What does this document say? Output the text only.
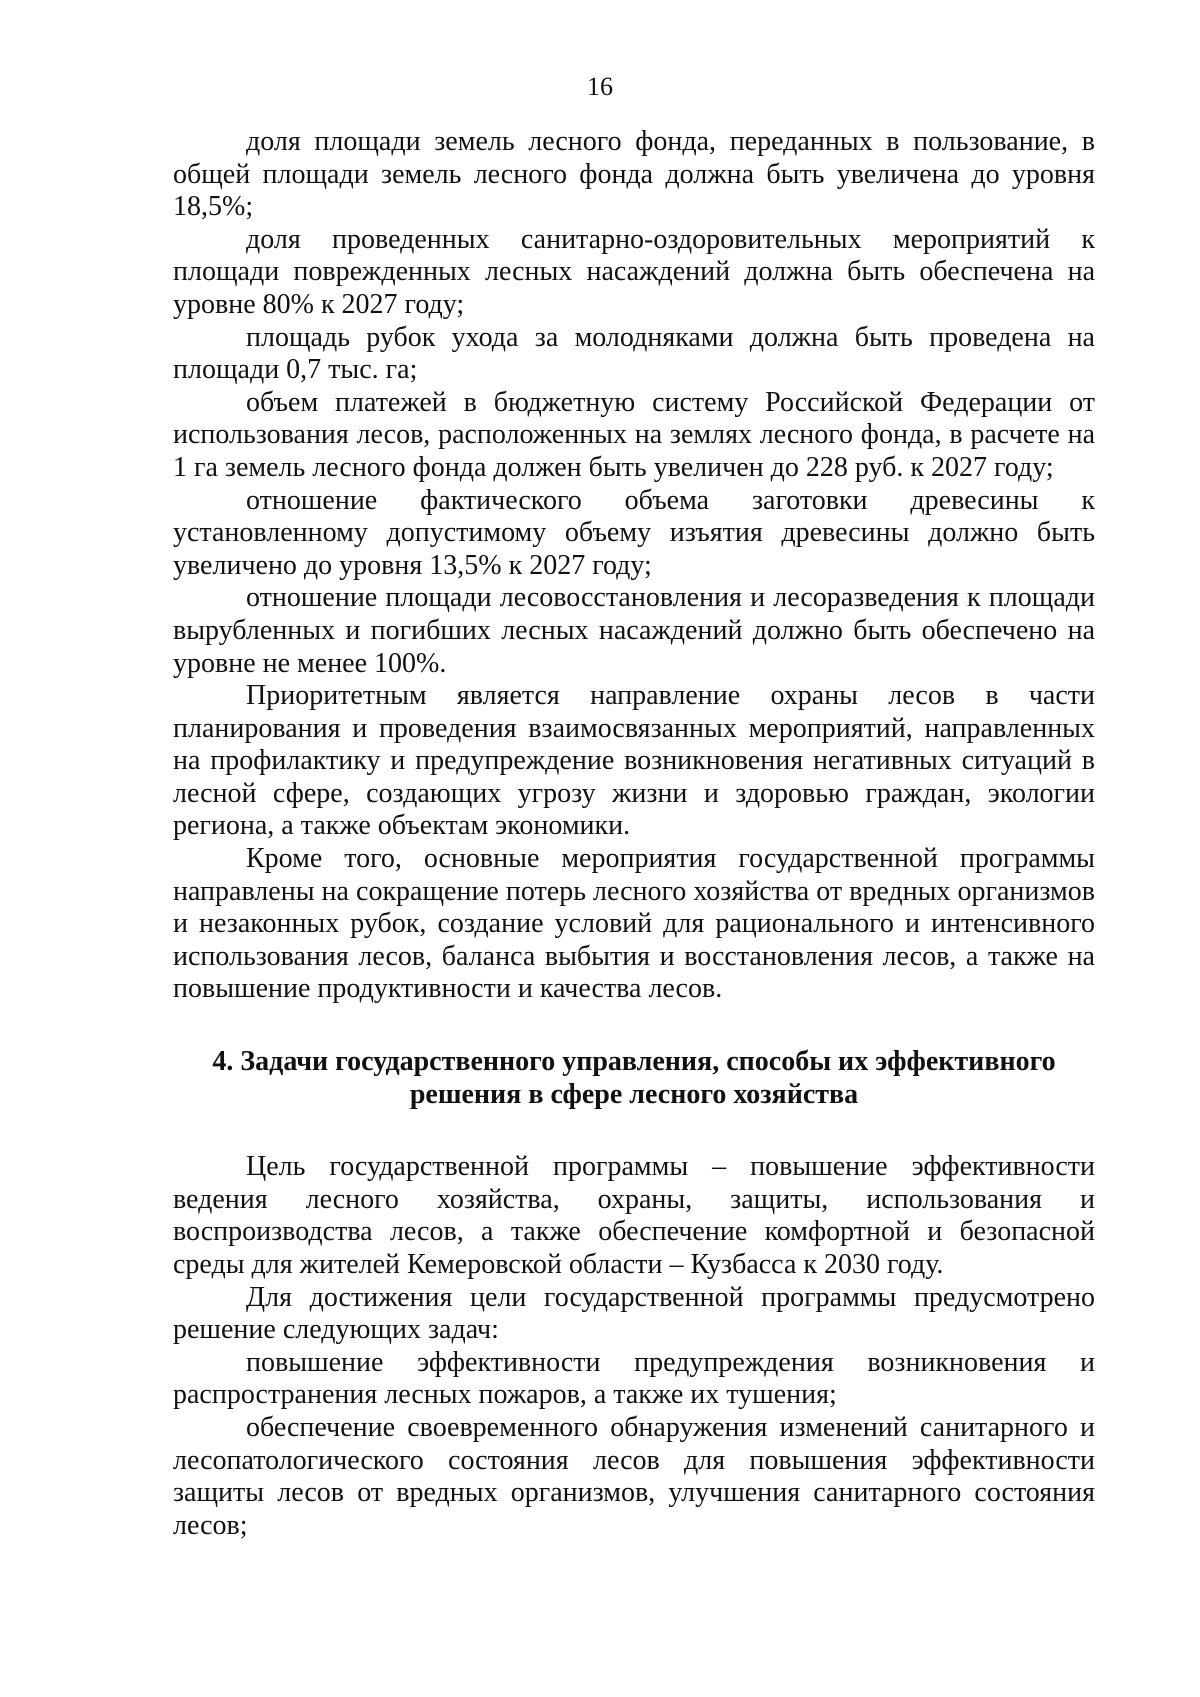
16

доля площади земель лесного фонда, переданных в пользование, в общей площади земель лесного фонда должна быть увеличена до уровня 18,5%;

доля проведенных санитарно-оздоровительных мероприятий к площади поврежденных лесных насаждений должна быть обеспечена на уровне 80% к 2027 году;

площадь рубок ухода за молодняками должна быть проведена на площади 0,7 тыс. га;

объем платежей в бюджетную систему Российской Федерации от использования лесов, расположенных на землях лесного фонда, в расчете на 1 га земель лесного фонда должен быть увеличен до 228 руб. к 2027 году;

отношение фактического объема заготовки древесины к установленному допустимому объему изъятия древесины должно быть увеличено до уровня 13,5% к 2027 году;

отношение площади лесовосстановления и лесоразведения к площади вырубленных и погибших лесных насаждений должно быть обеспечено на уровне не менее 100%.

Приоритетным является направление охраны лесов в части планирования и проведения взаимосвязанных мероприятий, направленных на профилактику и предупреждение возникновения негативных ситуаций в лесной сфере, создающих угрозу жизни и здоровью граждан, экологии региона, а также объектам экономики.

Кроме того, основные мероприятия государственной программы направлены на сокращение потерь лесного хозяйства от вредных организмов и незаконных рубок, создание условий для рационального и интенсивного использования лесов, баланса выбытия и восстановления лесов, а также на повышение продуктивности и качества лесов.

4. Задачи государственного управления, способы их эффективного решения в сфере лесного хозяйства

Цель государственной программы – повышение эффективности ведения лесного хозяйства, охраны, защиты, использования и воспроизводства лесов, а также обеспечение комфортной и безопасной среды для жителей Кемеровской области – Кузбасса к 2030 году.

Для достижения цели государственной программы предусмотрено решение следующих задач:

повышение эффективности предупреждения возникновения и распространения лесных пожаров, а также их тушения;

обеспечение своевременного обнаружения изменений санитарного и лесопатологического состояния лесов для повышения эффективности защиты лесов от вредных организмов, улучшения санитарного состояния лесов;
